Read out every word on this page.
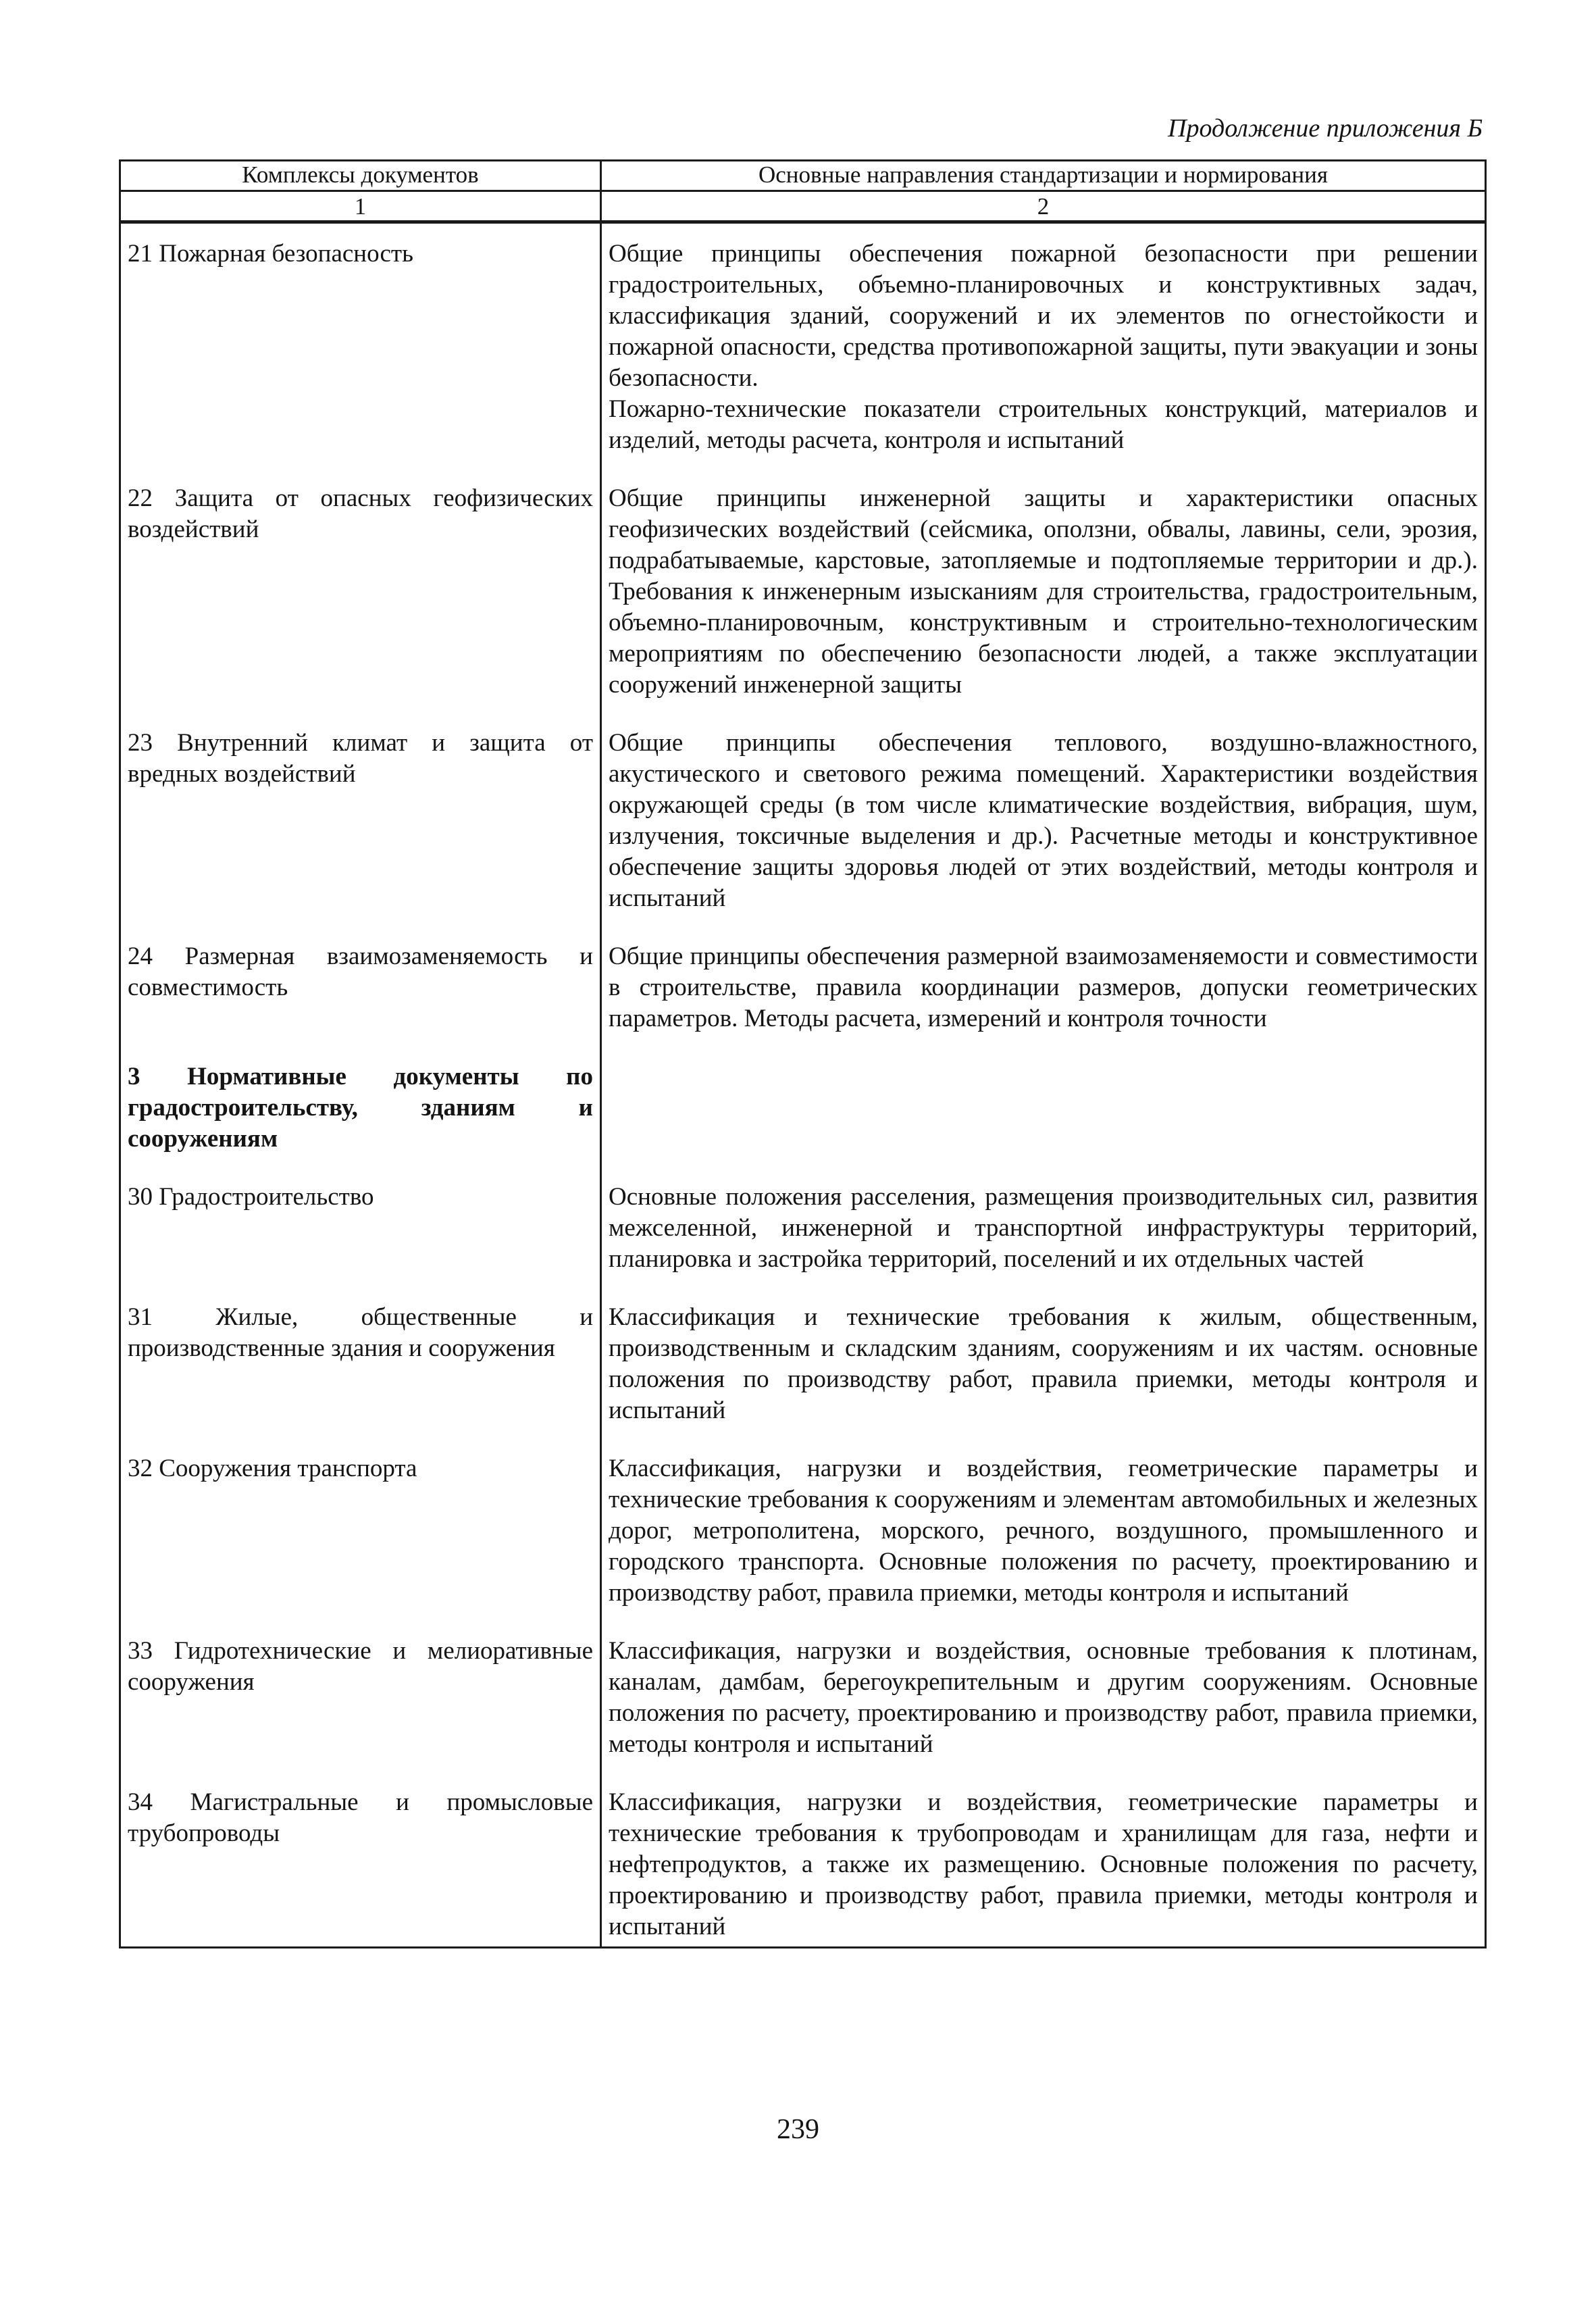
Продолжение приложения Б
Комплексы документов	Основные направления стандартизации и нормирования
1	2
21 Пожарная безопасность	Общие принципы обеспечения пожарной безопасности при решении градостроительных, объемно-планировочных и конструктивных задач, классификация зданий, сооружений и их элементов по огнестойкости и пожарной опасности, средства противопожарной защиты, пути эвакуации и зоны безопасности.

Пожарно-технические показатели строительных конструкций, материалов и изделий, методы расчета, контроля и испытаний

22 Защита от опасных геофизических воздействий	Общие принципы инженерной защиты и характеристики опасных геофизических воздействий (сейсмика, оползни, обвалы, лавины, сели, эрозия, подрабатываемые, карстовые, затопляемые и подтопляемые территории и др.). Требования к инженерным изысканиям для строительства, градостроительным, объемно-планировочным, конструктивным и строительно-технологическим мероприятиям по обеспечению безопасности людей, а также эксплуатации сооружений инженерной защиты

23 Внутренний климат и защита от вредных воздействий	Общие принципы обеспечения теплового, воздушно-влажностного, акустического и светового режима помещений. Характеристики воздействия окружающей среды (в том числе климатические воздействия, вибрация, шум, излучения, токсичные выделения и др.). Расчетные методы и конструктивное обеспечение защиты здоровья людей от этих воздействий, методы контроля и испытаний

24 Размерная взаимозаменяемость и совместимость	Общие принципы обеспечения размерной взаимозаменяемости и совместимости в строительстве, правила координации размеров, допуски геометрических параметров. Методы расчета, измерений и контроля точности

3 Нормативные документы по градостроительству, зданиям и сооружениям	

30 Градостроительство	Основные положения расселения, размещения производительных сил, развития межселенной, инженерной и транспортной инфраструктуры территорий, планировка и застройка территорий, поселений и их отдельных частей

31 Жилые, общественные и производственные здания и сооружения	Классификация и технические требования к жилым, общественным, производственным и складским зданиям, сооружениям и их частям. основные положения по производству работ, правила приемки, методы контроля и испытаний

32 Сооружения транспорта	Классификация, нагрузки и воздействия, геометрические параметры и технические требования к сооружениям и элементам автомобильных и железных дорог, метрополитена, морского, речного, воздушного, промышленного и городского транспорта. Основные положения по расчету, проектированию и производству работ, правила приемки, методы контроля и испытаний

33 Гидротехнические и мелиоративные сооружения	Классификация, нагрузки и воздействия, основные требования к плотинам, каналам, дамбам, берегоукрепительным и другим сооружениям. Основные положения по расчету, проектированию и производству работ, правила приемки, методы контроля и испытаний

34 Магистральные и промысловые трубопроводы	Классификация, нагрузки и воздействия, геометрические параметры и технические требования к трубопроводам и хранилищам для газа, нефти и нефтепродуктов, а также их размещению. Основные положения по расчету, проектированию и производству работ, правила приемки, методы контроля и испытаний

239
